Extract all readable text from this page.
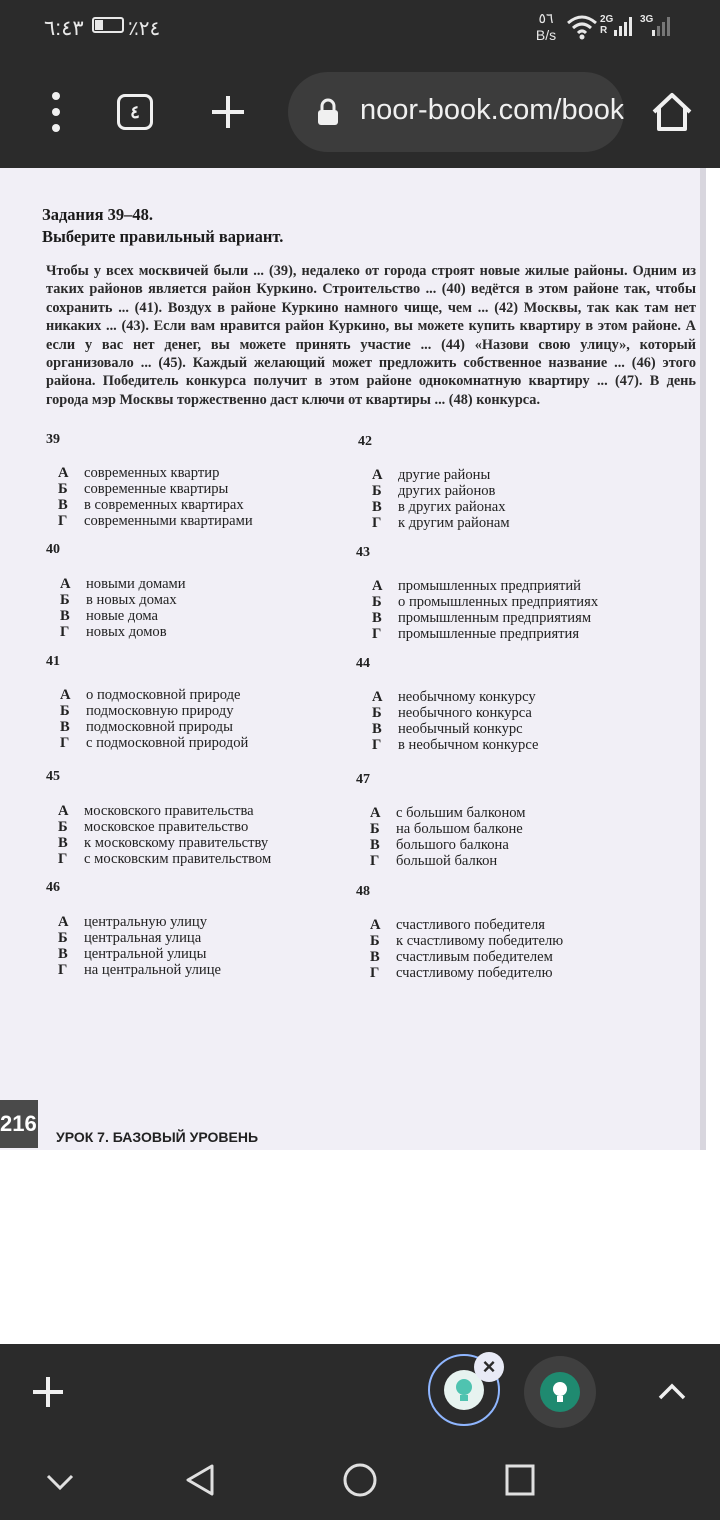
٦:٤٣ ٪٢٤	٥٦
B/s
2G R
3G
٤	noor-book.com/book
Задания 39–48.
Выберите правильный вариант.
Чтобы у всех москвичей были ... (39), недалеко от города строят новые жилые районы. Одним из таких районов является район Куркино. Строительство ... (40) ведётся в этом районе так, чтобы сохранить ... (41). Воздух в районе Куркино намного чище, чем ... (42) Москвы, так как там нет никаких ... (43). Если вам нравится район Куркино, вы можете купить квартиру в этом районе. А если у вас нет денег, вы можете принять участие ... (44) «Назови свою улицу», который организовало ... (45). Каждый желающий может предложить собственное название ... (46) этого района. Победитель конкурса получит в этом районе однокомнатную квартиру ... (47). В день города мэр Москвы торжественно даст ключи от квартиры ... (48) конкурса.
39
А современных квартир
Б современные квартиры
В в современных квартирах
Г современными квартирами
42
А другие районы
Б других районов
В в других районах
Г к другим районам
40
А новыми домами
Б в новых домах
В новые дома
Г новых домов
43
А промышленных предприятий
Б о промышленных предприятиях
В промышленным предприятиям
Г промышленные предприятия
41
А о подмосковной природе
Б подмосковную природу
В подмосковной природы
Г с подмосковной природой
44
А необычному конкурсу
Б необычного конкурса
В необычный конкурс
Г в необычном конкурсе
45
А московского правительства
Б московское правительство
В к московскому правительству
Г с московским правительством
47
А с большим балконом
Б на большом балконе
В большого балкона
Г большой балкон
46
А центральную улицу
Б центральная улица
В центральной улицы
Г на центральной улице
48
А счастливого победителя
Б к счастливому победителю
В счастливым победителем
Г счастливому победителю
216
УРОК 7. БАЗОВЫЙ УРОВЕНЬ
×
